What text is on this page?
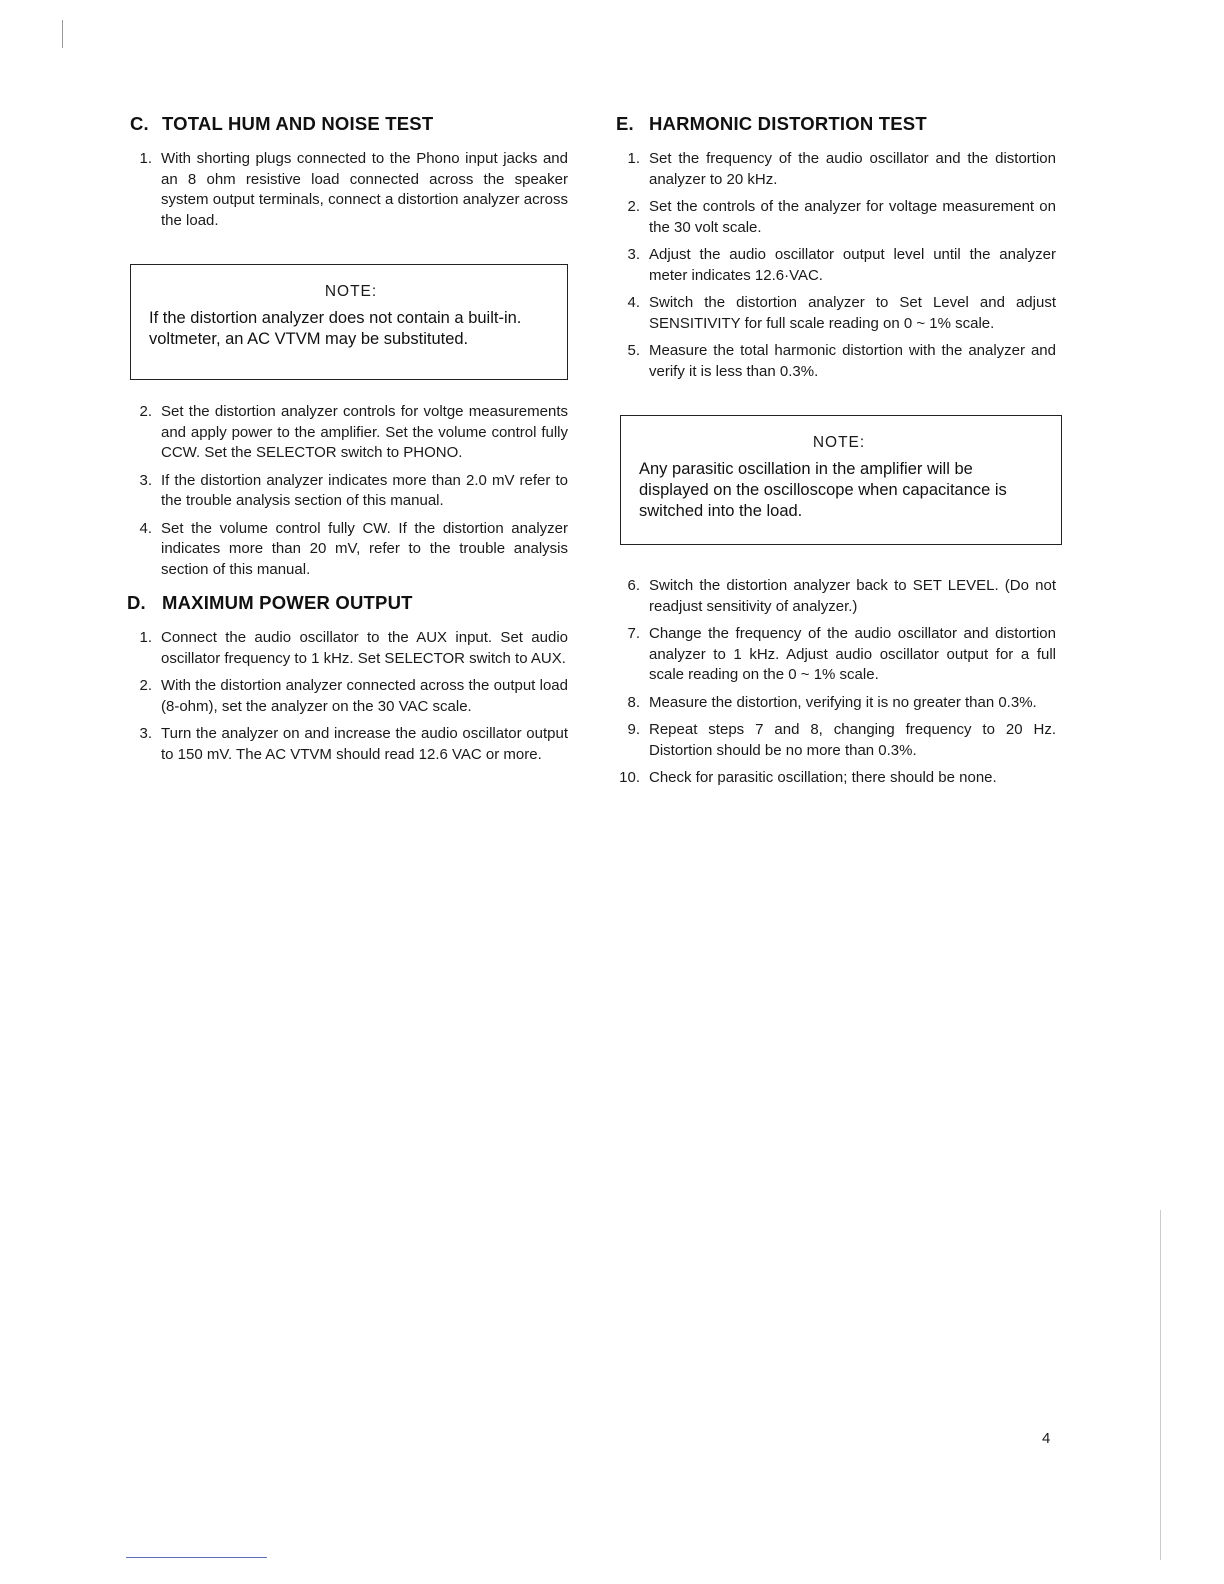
C. TOTAL HUM AND NOISE TEST

1. With shorting plugs connected to the Phono input jacks and an 8 ohm resistive load connected across the speaker system output terminals, connect a distortion analyzer across the load.

NOTE:
If the distortion analyzer does not contain a built-in. voltmeter, an AC VTVM may be substituted.

2. Set the distortion analyzer controls for voltge measurements and apply power to the amplifier. Set the volume control fully CCW. Set the SELECTOR switch to PHONO.

3. If the distortion analyzer indicates more than 2.0 mV refer to the trouble analysis section of this manual.

4. Set the volume control fully CW. If the distortion analyzer indicates more than 20 mV, refer to the trouble analysis section of this manual.

D. MAXIMUM POWER OUTPUT

1. Connect the audio oscillator to the AUX input. Set audio oscillator frequency to 1 kHz. Set SELECTOR switch to AUX.

2. With the distortion analyzer connected across the output load (8-ohm), set the analyzer on the 30 VAC scale.

3. Turn the analyzer on and increase the audio oscillator output to 150 mV. The AC VTVM should read 12.6 VAC or more.

E. HARMONIC DISTORTION TEST

1. Set the frequency of the audio oscillator and the distortion analyzer to 20 kHz.

2. Set the controls of the analyzer for voltage measurement on the 30 volt scale.

3. Adjust the audio oscillator output level until the analyzer meter indicates 12.6·VAC.

4. Switch the distortion analyzer to Set Level and adjust SENSITIVITY for full scale reading on 0 ~ 1% scale.

5. Measure the total harmonic distortion with the analyzer and verify it is less than 0.3%.

NOTE:
Any parasitic oscillation in the amplifier will be displayed on the oscilloscope when capacitance is switched into the load.

6. Switch the distortion analyzer back to SET LEVEL. (Do not readjust sensitivity of analyzer.)

7. Change the frequency of the audio oscillator and distortion analyzer to 1 kHz. Adjust audio oscillator output for a full scale reading on the 0 ~ 1% scale.

8. Measure the distortion, verifying it is no greater than 0.3%.

9. Repeat steps 7 and 8, changing frequency to 20 Hz. Distortion should be no more than 0.3%.

10. Check for parasitic oscillation; there should be none.

4
